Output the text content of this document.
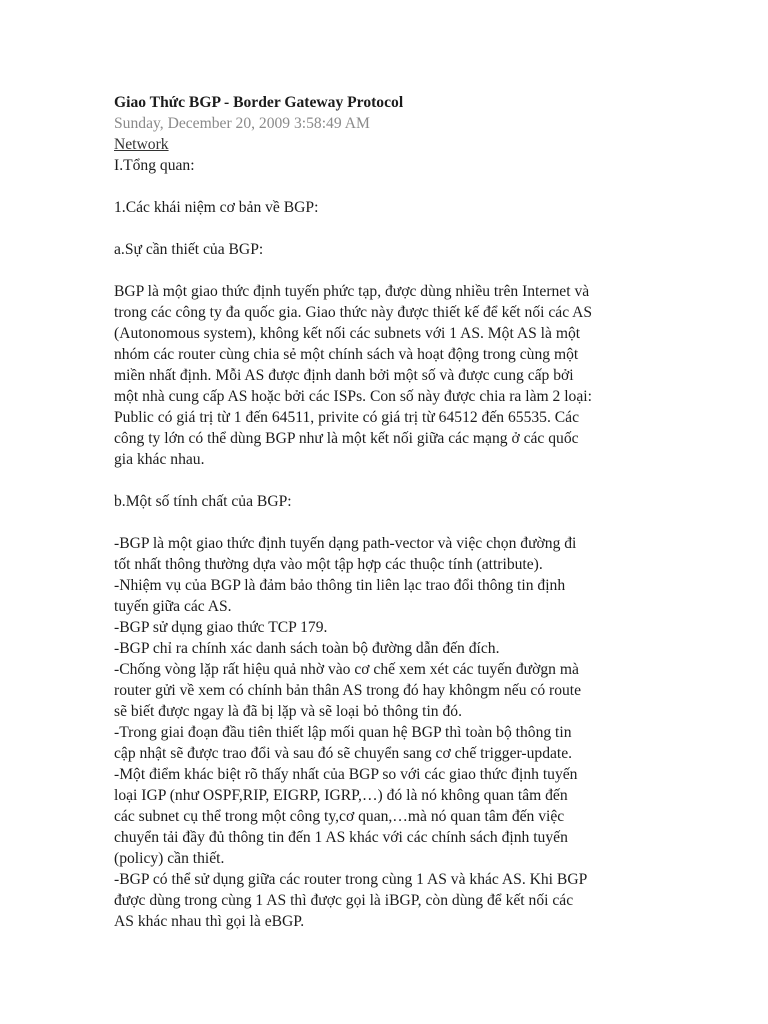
Giao Thức BGP - Border Gateway Protocol

Sunday, December 20, 2009 3:58:49 AM

Network

I.Tổng quan:

1.Các khái niệm cơ bản về BGP:

a.Sự cần thiết của BGP:

BGP là một giao thức định tuyến phức tạp, được dùng nhiều trên Internet và

trong các công ty đa quốc gia. Giao thức này được thiết kế để kết nối các AS

(Autonomous system), không kết nối các subnets với 1 AS. Một AS là một

nhóm các router cùng chia sẻ một chính sách và hoạt động trong cùng một

miền nhất định. Mỗi AS được định danh bởi một số và được cung cấp bởi

một nhà cung cấp AS hoặc bởi các ISPs. Con số này được chia ra làm 2 loại:

Public có giá trị từ 1 đến 64511, privite có giá trị từ 64512 đến 65535. Các

công ty lớn có thể dùng BGP như là một kết nối giữa các mạng ở các quốc

gia khác nhau.

b.Một số tính chất của BGP:

-BGP là một giao thức định tuyến dạng path-vector và việc chọn đường đi

tốt nhất thông thường dựa vào một tập hợp các thuộc tính (attribute).

-Nhiệm vụ của BGP là đảm bảo thông tin liên lạc trao đổi thông tin định

tuyến giữa các AS.

-BGP sử dụng giao thức TCP 179.

-BGP chỉ ra chính xác danh sách toàn bộ đường dẫn đến đích.

-Chống vòng lặp rất hiệu quả nhờ vào cơ chế xem xét các tuyến đườgn mà

router gửi về xem có chính bản thân AS trong đó hay khôngm nếu có route

sẽ biết được ngay là đã bị lặp và sẽ loại bỏ thông tin đó.

-Trong giai đoạn đầu tiên thiết lập mối quan hệ BGP thì toàn bộ thông tin

cập nhật sẽ được trao đổi và sau đó sẽ chuyển sang cơ chế trigger-update.

-Một điểm khác biệt rõ thấy nhất của BGP so với các giao thức định tuyến

loại IGP (như OSPF,RIP, EIGRP, IGRP,…) đó là nó không quan tâm đến

các subnet cụ thể trong một công ty,cơ quan,…mà nó quan tâm đến việc

chuyển tải đầy đủ thông tin đến 1 AS khác với các chính sách định tuyến

(policy) cần thiết.

-BGP có thể sử dụng giữa các router trong cùng 1 AS và khác AS. Khi BGP

được dùng trong cùng 1 AS thì được gọi là iBGP, còn dùng để kết nối các

AS khác nhau thì gọi là eBGP.
